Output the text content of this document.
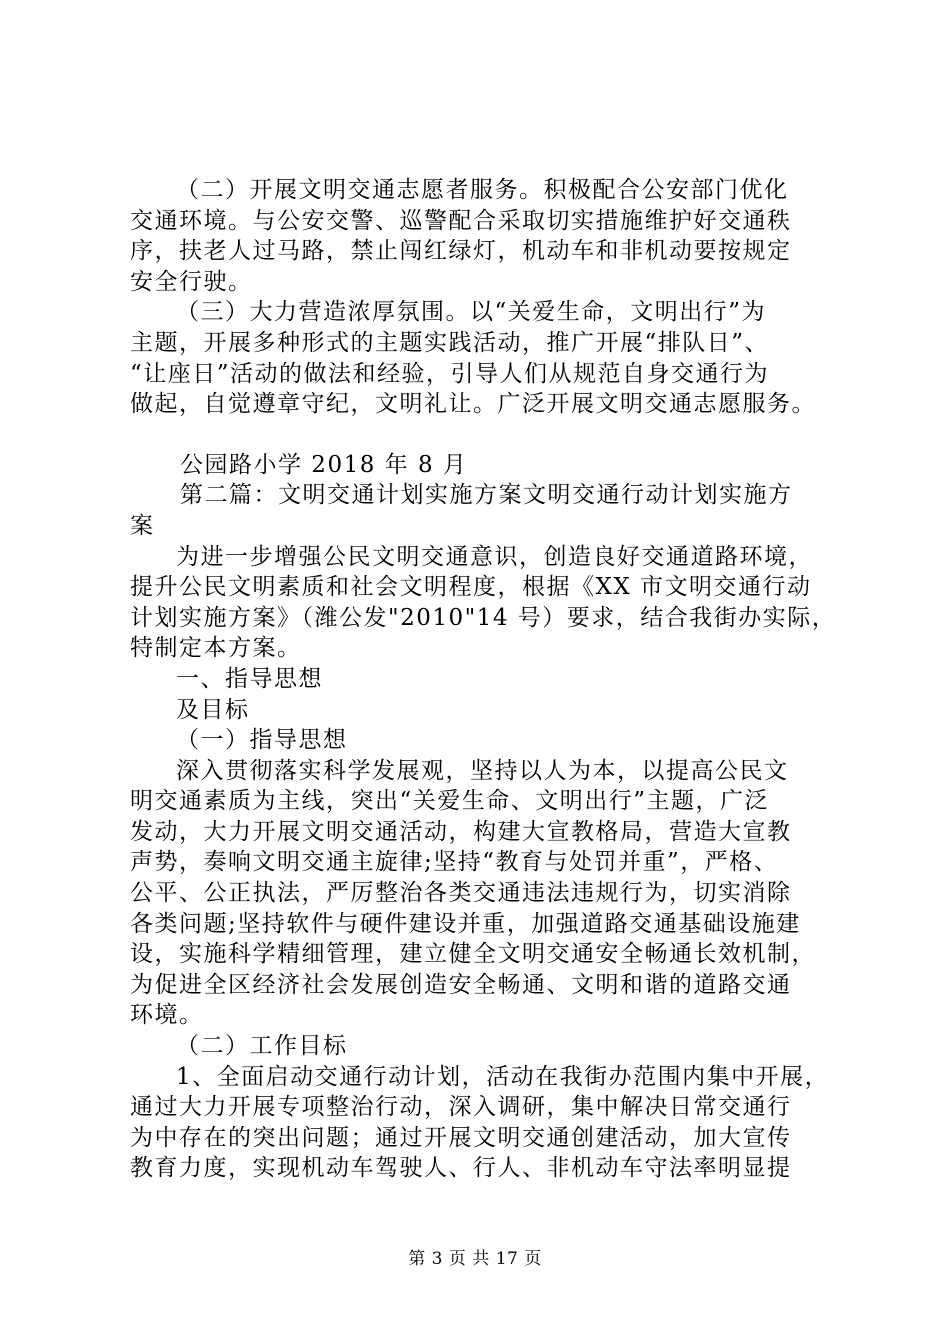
（二）开展文明交通志愿者服务。积极配合公安部门优化
交通环境。与公安交警、巡警配合采取切实措施维护好交通秩
序，扶老人过马路，禁止闯红绿灯，机动车和非机动要按规定
安全行驶。
（三）大力营造浓厚氛围。以“关爱生命，文明出行”为
主题，开展多种形式的主题实践活动，推广开展“排队日”、
“让座日”活动的做法和经验，引导人们从规范自身交通行为
做起，自觉遵章守纪，文明礼让。广泛开展文明交通志愿服务。
公园路小学 2018 年 8 月
第二篇：文明交通计划实施方案文明交通行动计划实施方
案
为进一步增强公民文明交通意识，创造良好交通道路环境，
提升公民文明素质和社会文明程度，根据《XX 市文明交通行动
计划实施方案》（潍公发"2010"14 号）要求，结合我街办实际，
特制定本方案。
一、指导思想
及目标
（一）指导思想
深入贯彻落实科学发展观，坚持以人为本，以提高公民文
明交通素质为主线，突出“关爱生命、文明出行”主题，广泛
发动，大力开展文明交通活动，构建大宣教格局，营造大宣教
声势，奏响文明交通主旋律;坚持“教育与处罚并重”，严格、
公平、公正执法，严厉整治各类交通违法违规行为，切实消除
各类问题;坚持软件与硬件建设并重，加强道路交通基础设施建
设，实施科学精细管理，建立健全文明交通安全畅通长效机制，
为促进全区经济社会发展创造安全畅通、文明和谐的道路交通
环境。
（二）工作目标
1、全面启动交通行动计划，活动在我街办范围内集中开展，
通过大力开展专项整治行动，深入调研，集中解决日常交通行
为中存在的突出问题；通过开展文明交通创建活动，加大宣传
教育力度，实现机动车驾驶人、行人、非机动车守法率明显提
第 3 页 共 17 页
